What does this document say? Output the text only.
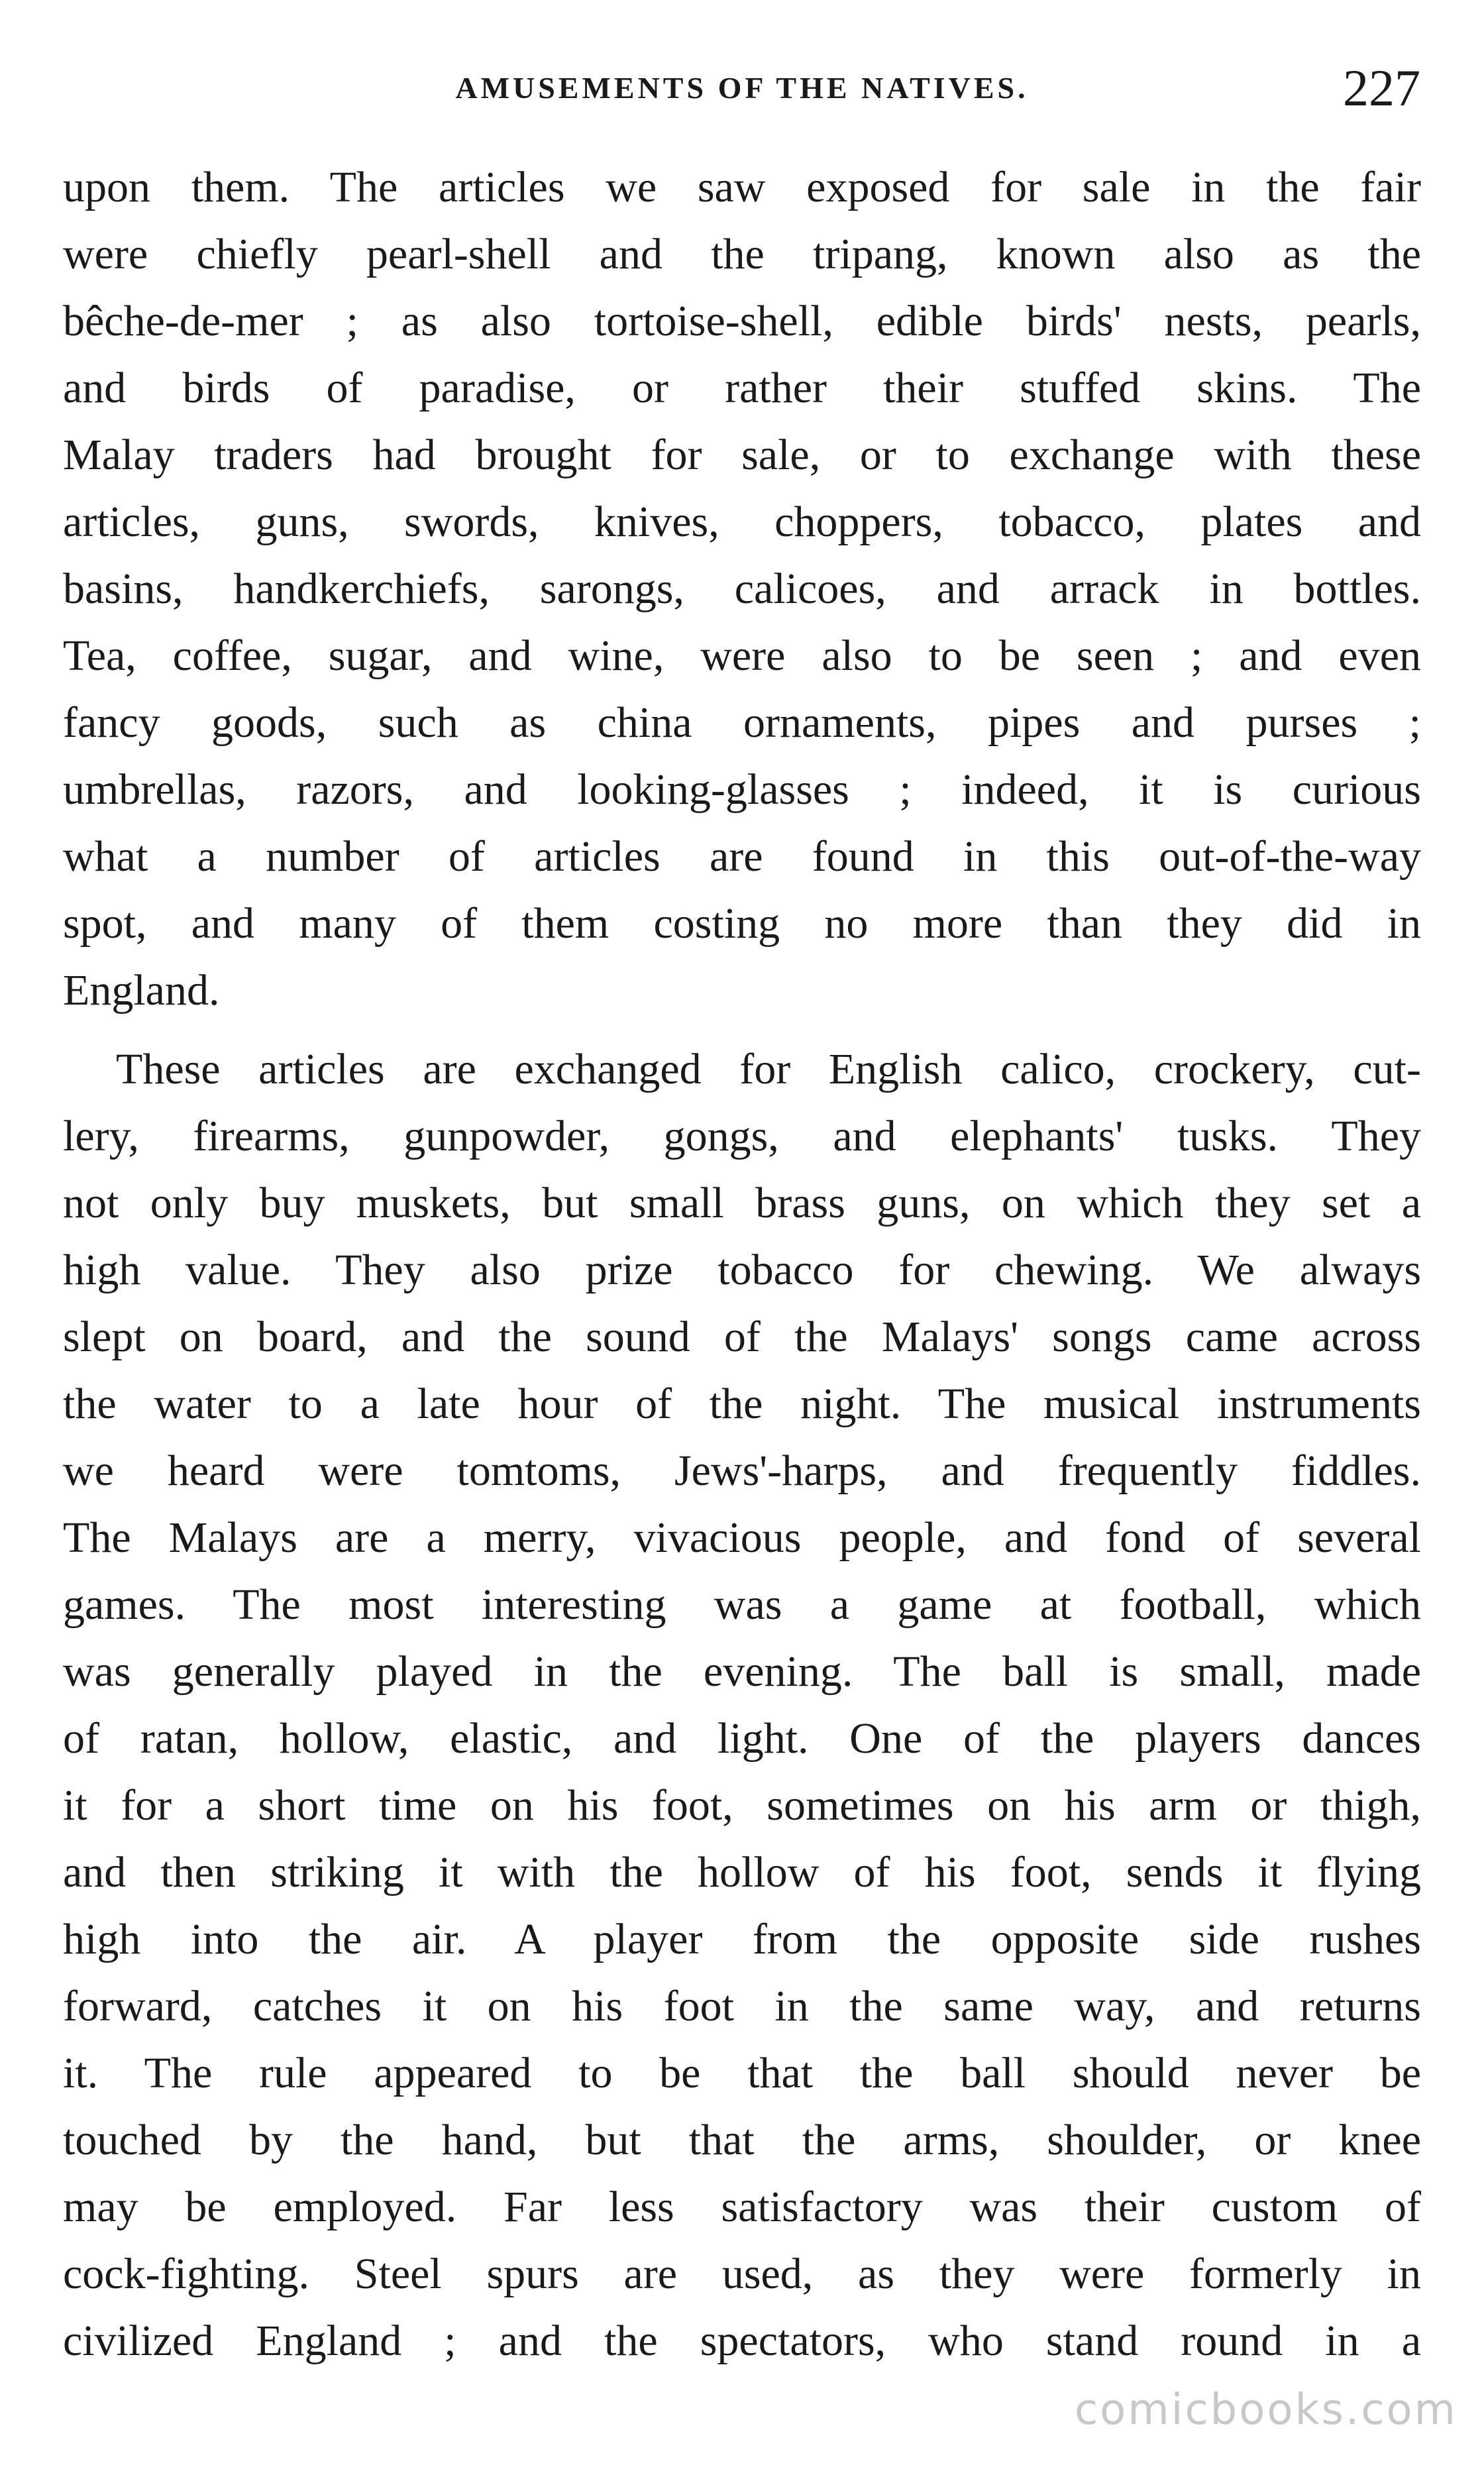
AMUSEMENTS OF THE NATIVES.	227
upon them. The articles we saw exposed for sale in the fair
were chiefly pearl-shell and the tripang, known also as the
bêche-de-mer ; as also tortoise-shell, edible birds' nests, pearls,
and birds of paradise, or rather their stuffed skins. The
Malay traders had brought for sale, or to exchange with these
articles, guns, swords, knives, choppers, tobacco, plates and
basins, handkerchiefs, sarongs, calicoes, and arrack in bottles.
Tea, coffee, sugar, and wine, were also to be seen ; and even
fancy goods, such as china ornaments, pipes and purses ;
umbrellas, razors, and looking-glasses ; indeed, it is curious
what a number of articles are found in this out-of-the-way
spot, and many of them costing no more than they did in
England.
These articles are exchanged for English calico, crockery, cut-
lery, firearms, gunpowder, gongs, and elephants' tusks. They
not only buy muskets, but small brass guns, on which they set a
high value. They also prize tobacco for chewing. We always
slept on board, and the sound of the Malays' songs came across
the water to a late hour of the night. The musical instruments
we heard were tomtoms, Jews'-harps, and frequently fiddles.
The Malays are a merry, vivacious people, and fond of several
games. The most interesting was a game at football, which
was generally played in the evening. The ball is small, made
of ratan, hollow, elastic, and light. One of the players dances
it for a short time on his foot, sometimes on his arm or thigh,
and then striking it with the hollow of his foot, sends it flying
high into the air. A player from the opposite side rushes
forward, catches it on his foot in the same way, and returns
it. The rule appeared to be that the ball should never be
touched by the hand, but that the arms, shoulder, or knee
may be employed. Far less satisfactory was their custom of
cock-fighting. Steel spurs are used, as they were formerly in
civilized England ; and the spectators, who stand round in a
comicbooks.com
